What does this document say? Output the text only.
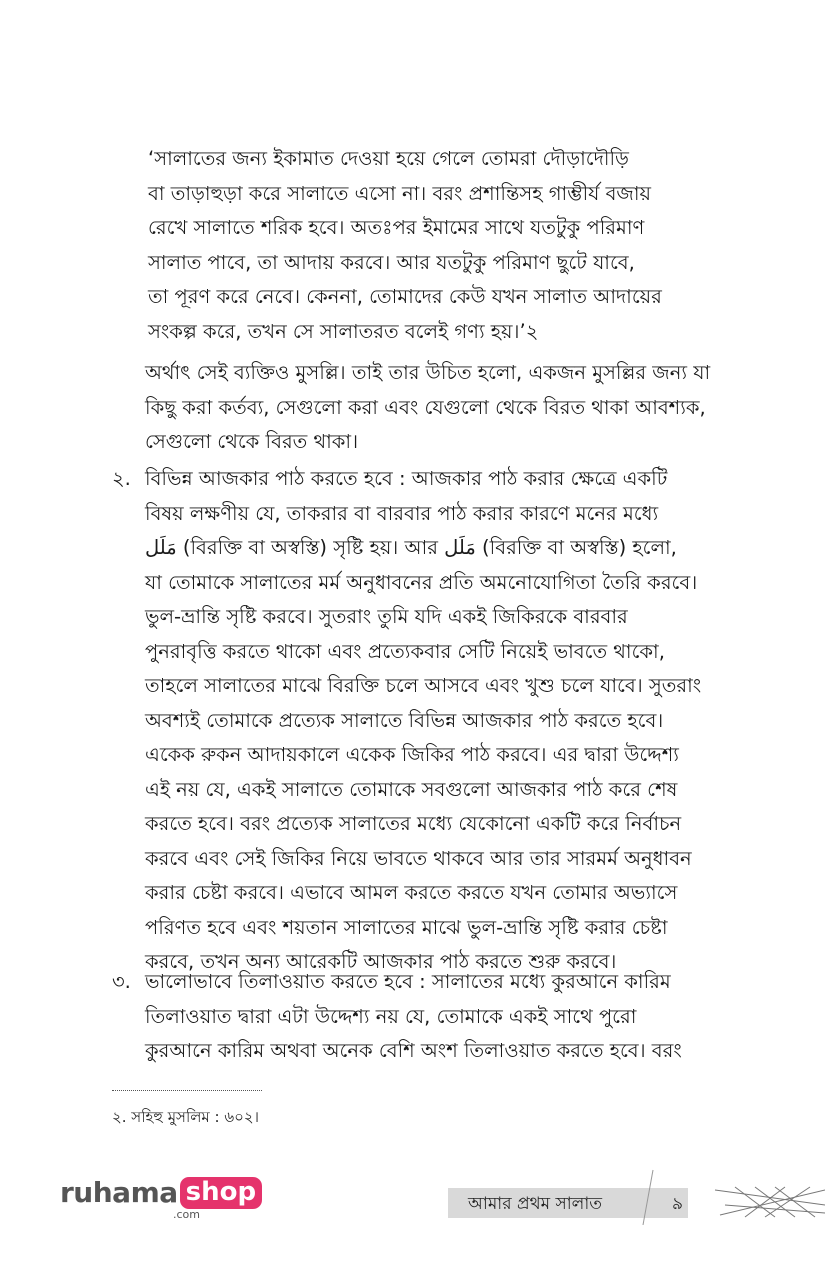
‘সালাতের জন্য ইকামাত দেওয়া হয়ে গেলে তোমরা দৌড়াদৌড়ি
বা তাড়াহুড়া করে সালাতে এসো না। বরং প্রশান্তিসহ গাম্ভীর্য বজায়
রেখে সালাতে শরিক হবে। অতঃপর ইমামের সাথে যতটুকু পরিমাণ
সালাত পাবে, তা আদায় করবে। আর যতটুকু পরিমাণ ছুটে যাবে,
তা পূরণ করে নেবে। কেননা, তোমাদের কেউ যখন সালাত আদায়ের
সংকল্প করে, তখন সে সালাতরত বলেই গণ্য হয়।’২
অর্থাৎ সেই ব্যক্তিও মুসল্লি। তাই তার উচিত হলো, একজন মুসল্লির জন্য যা
কিছু করা কর্তব্য, সেগুলো করা এবং যেগুলো থেকে বিরত থাকা আবশ্যক,
সেগুলো থেকে বিরত থাকা।
২. বিভিন্ন আজকার পাঠ করতে হবে : আজকার পাঠ করার ক্ষেত্রে একটি
বিষয় লক্ষণীয় যে, তাকরার বা বারবার পাঠ করার কারণে মনের মধ্যে
مَلَل (বিরক্তি বা অস্বস্তি) সৃষ্টি হয়। আর مَلَل (বিরক্তি বা অস্বস্তি) হলো,
যা তোমাকে সালাতের মর্ম অনুধাবনের প্রতি অমনোযোগিতা তৈরি করবে।
ভুল-ভ্রান্তি সৃষ্টি করবে। সুতরাং তুমি যদি একই জিকিরকে বারবার
পুনরাবৃত্তি করতে থাকো এবং প্রত্যেকবার সেটি নিয়েই ভাবতে থাকো,
তাহলে সালাতের মাঝে বিরক্তি চলে আসবে এবং খুশু চলে যাবে। সুতরাং
অবশ্যই তোমাকে প্রত্যেক সালাতে বিভিন্ন আজকার পাঠ করতে হবে।
একেক রুকন আদায়কালে একেক জিকির পাঠ করবে। এর দ্বারা উদ্দেশ্য
এই নয় যে, একই সালাতে তোমাকে সবগুলো আজকার পাঠ করে শেষ
করতে হবে। বরং প্রত্যেক সালাতের মধ্যে যেকোনো একটি করে নির্বাচন
করবে এবং সেই জিকির নিয়ে ভাবতে থাকবে আর তার সারমর্ম অনুধাবন
করার চেষ্টা করবে। এভাবে আমল করতে করতে যখন তোমার অভ্যাসে
পরিণত হবে এবং শয়তান সালাতের মাঝে ভুল-ভ্রান্তি সৃষ্টি করার চেষ্টা
করবে, তখন অন্য আরেকটি আজকার পাঠ করতে শুরু করবে।
৩. ভালোভাবে তিলাওয়াত করতে হবে : সালাতের মধ্যে কুরআনে কারিম
তিলাওয়াত দ্বারা এটা উদ্দেশ্য নয় যে, তোমাকে একই সাথে পুরো
কুরআনে কারিম অথবা অনেক বেশি অংশ তিলাওয়াত করতে হবে। বরং
২. সহিহু মুসলিম : ৬০২।
ruhama shop
.com
আমার প্রথম সালাত	৯
